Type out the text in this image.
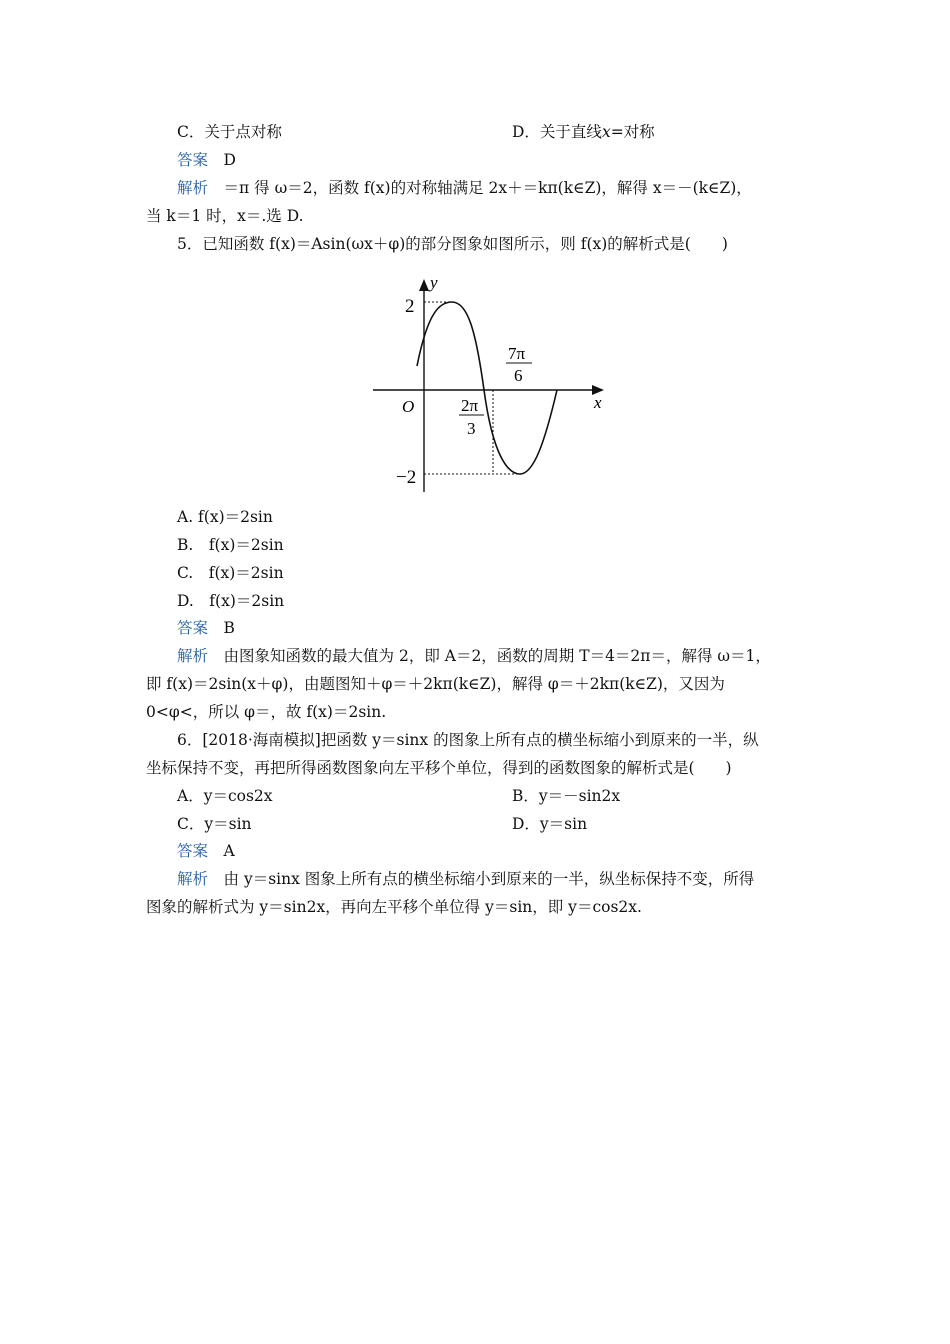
C．关于点对称	D．关于直线x=对称
答案　 D
解析　 ＝π 得 ω＝2，函数 f(x)的对称轴满足 2x＋＝kπ(k∈Z)，解得 x＝－(k∈Z)，
当 k＝1 时，x＝.选 D.
5．已知函数 f(x)＝Asin(ωx＋φ)的部分图象如图所示，则 f(x)的解析式是(　　)
y
x
O
2
−2
2π
3
7π
6
A. f(x)＝2sin
B.　f(x)＝2sin
C.　f(x)＝2sin
D.　f(x)＝2sin
答案　 B
解析　 由图象知函数的最大值为 2，即 A＝2，函数的周期 T＝4＝2π＝，解得 ω＝1，
即 f(x)＝2sin(x＋φ)，由题图知＋φ＝＋2kπ(k∈Z)，解得 φ＝＋2kπ(k∈Z)，又因为
0<φ<，所以 φ＝，故 f(x)＝2sin.
6．[2018·海南模拟]把函数 y＝sinx 的图象上所有点的横坐标缩小到原来的一半，纵
坐标保持不变，再把所得函数图象向左平移个单位，得到的函数图象的解析式是(　　)
A．y＝cos2x	B．y＝－sin2x
C．y＝sin	D．y＝sin
答案　 A
解析　 由 y＝sinx 图象上所有点的横坐标缩小到原来的一半，纵坐标保持不变，所得
图象的解析式为 y＝sin2x，再向左平移个单位得 y＝sin，即 y＝cos2x.
